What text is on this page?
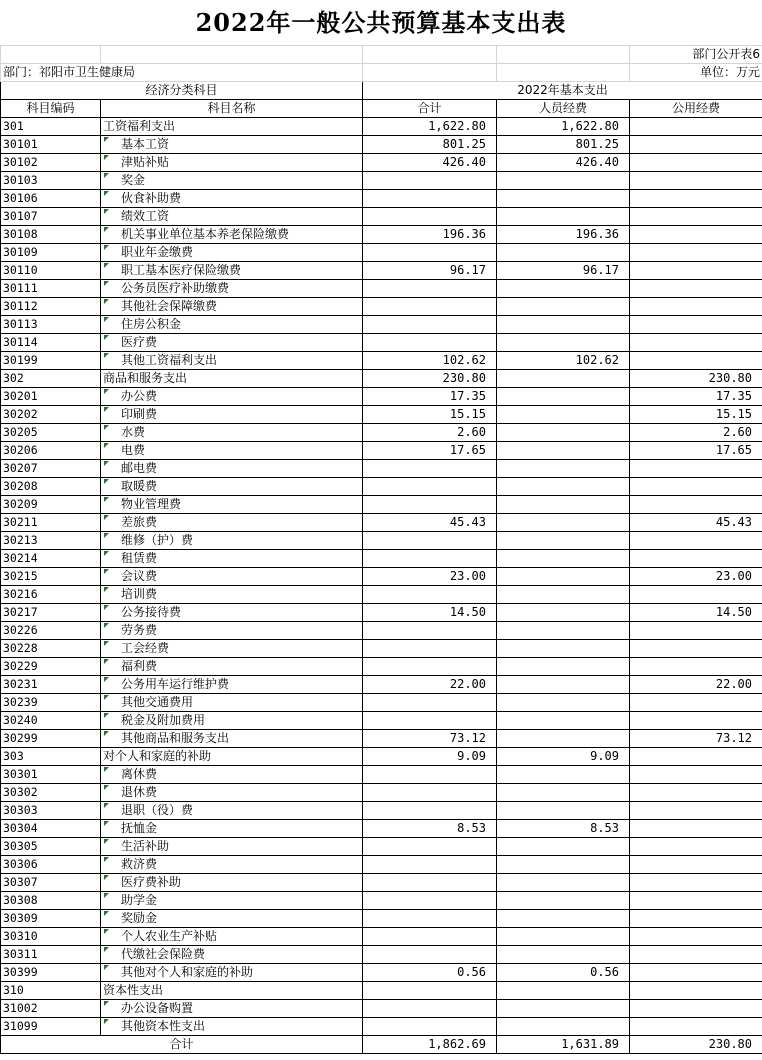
2022年一般公共预算基本支出表
				部门公开表6
部门：祁阳市卫生健康局				单位：万元
经济分类科目		2022年基本支出		
科目编码	科目名称	合计	人员经费	公用经费
301	工资福利支出	1,622.80	1,622.80	
30101	基本工资	801.25	801.25	
30102	津贴补贴	426.40	426.40	
30103	奖金			
30106	伙食补助费			
30107	绩效工资			
30108	机关事业单位基本养老保险缴费	196.36	196.36	
30109	职业年金缴费			
30110	职工基本医疗保险缴费	96.17	96.17	
30111	公务员医疗补助缴费			
30112	其他社会保障缴费			
30113	住房公积金			
30114	医疗费			
30199	其他工资福利支出	102.62	102.62	
302	商品和服务支出	230.80		230.80
30201	办公费	17.35		17.35
30202	印刷费	15.15		15.15
30205	水费	2.60		2.60
30206	电费	17.65		17.65
30207	邮电费			
30208	取暖费			
30209	物业管理费			
30211	差旅费	45.43		45.43
30213	维修（护）费			
30214	租赁费			
30215	会议费	23.00		23.00
30216	培训费			
30217	公务接待费	14.50		14.50
30226	劳务费			
30228	工会经费			
30229	福利费			
30231	公务用车运行维护费	22.00		22.00
30239	其他交通费用			
30240	税金及附加费用			
30299	其他商品和服务支出	73.12		73.12
303	对个人和家庭的补助	9.09	9.09	
30301	离休费			
30302	退休费			
30303	退职（役）费			
30304	抚恤金	8.53	8.53	
30305	生活补助			
30306	救济费			
30307	医疗费补助			
30308	助学金			
30309	奖励金			
30310	个人农业生产补贴			
30311	代缴社会保险费			
30399	其他对个人和家庭的补助	0.56	0.56	
310	资本性支出			
31002	办公设备购置			
31099	其他资本性支出			
合计		1,862.69	1,631.89	230.80
